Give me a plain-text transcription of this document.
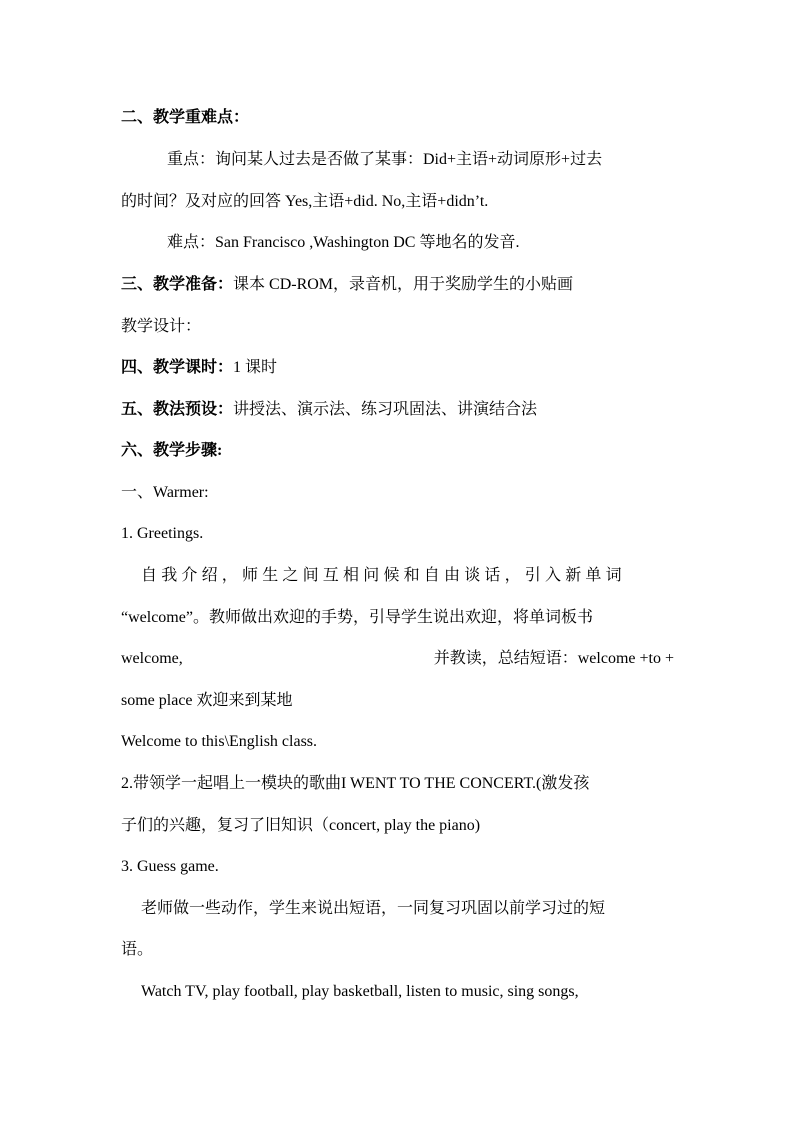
二、教学重难点：
重点：询问某人过去是否做了某事：Did+主语+动词原形+过去
的时间？及对应的回答 Yes,主语+did. No,主语+didn’t.
难点：San Francisco ,Washington DC 等地名的发音.
三、教学准备：课本 CD-ROM，录音机，用于奖励学生的小贴画
教学设计：
四、教学课时：1 课时
五、教法预设：讲授法、演示法、练习巩固法、讲演结合法
六、教学步骤:
一、Warmer:
1. Greetings.
自我介绍，师生之间互相问候和自由谈话，引入新单词
“welcome”。教师做出欢迎的手势，引导学生说出欢迎，将单词板书
welcome,	并教读，总结短语：welcome +to +
some place 欢迎来到某地
Welcome to this\English class.
2.带领学一起唱上一模块的歌曲I WENT TO THE CONCERT.(激发孩
子们的兴趣，复习了旧知识（concert, play the piano)
3. Guess game.
老师做一些动作，学生来说出短语，一同复习巩固以前学习过的短
语。
Watch TV, play football, play basketball, listen to music, sing songs,
